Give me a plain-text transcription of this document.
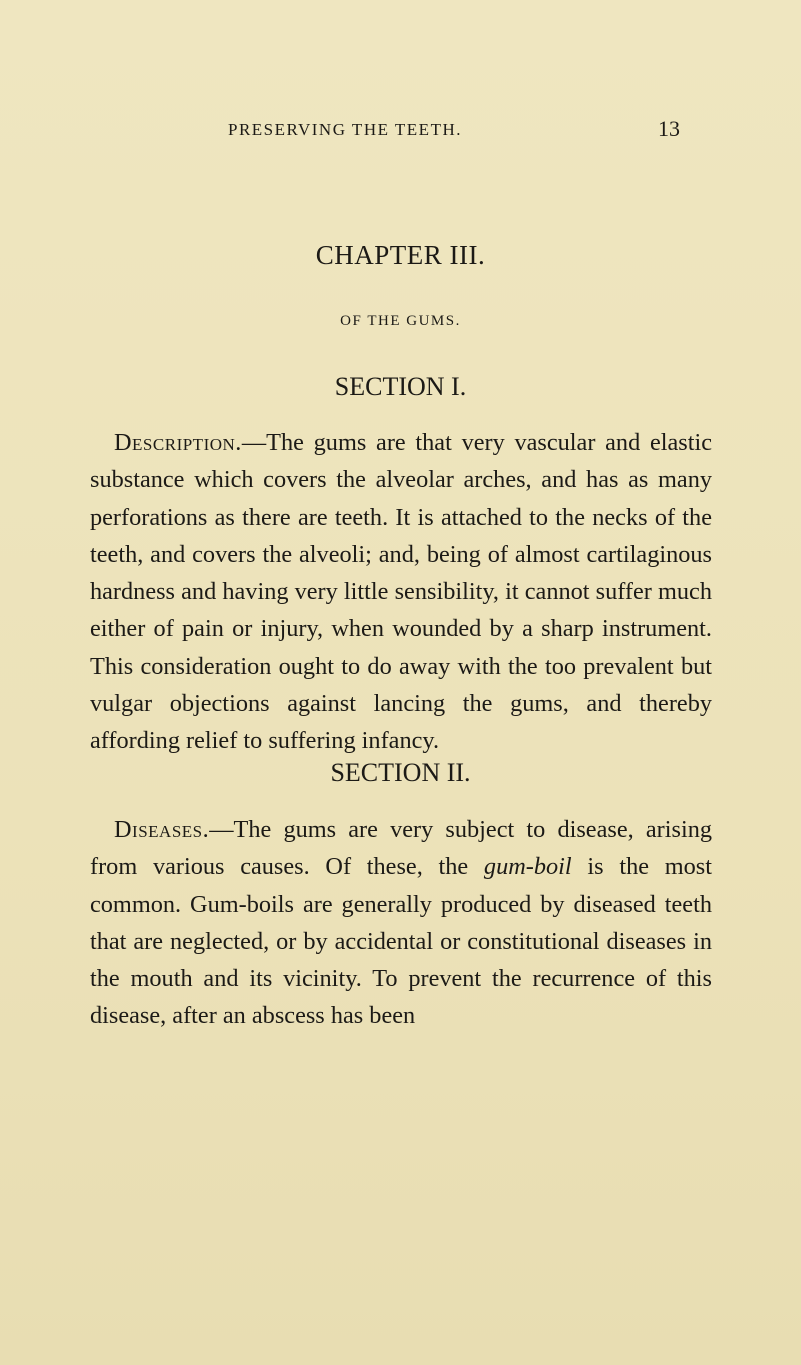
PRESERVING THE TEETH.	13
CHAPTER III.
OF THE GUMS.
SECTION I.

Description.—The gums are that very vascular and elastic substance which covers the alveolar arches, and has as many perforations as there are teeth. It is attached to the necks of the teeth, and covers the alveoli; and, being of almost cartilaginous hardness and having very little sensibility, it cannot suffer much either of pain or injury, when wounded by a sharp instrument. This consideration ought to do away with the too prevalent but vulgar objections against lancing the gums, and thereby affording relief to suffering infancy.

SECTION II.

Diseases.—The gums are very subject to disease, arising from various causes. Of these, the gum-boil is the most common. Gum-boils are generally produced by diseased teeth that are neglected, or by accidental or constitutional diseases in the mouth and its vicinity. To prevent the recurrence of this disease, after an abscess has been
